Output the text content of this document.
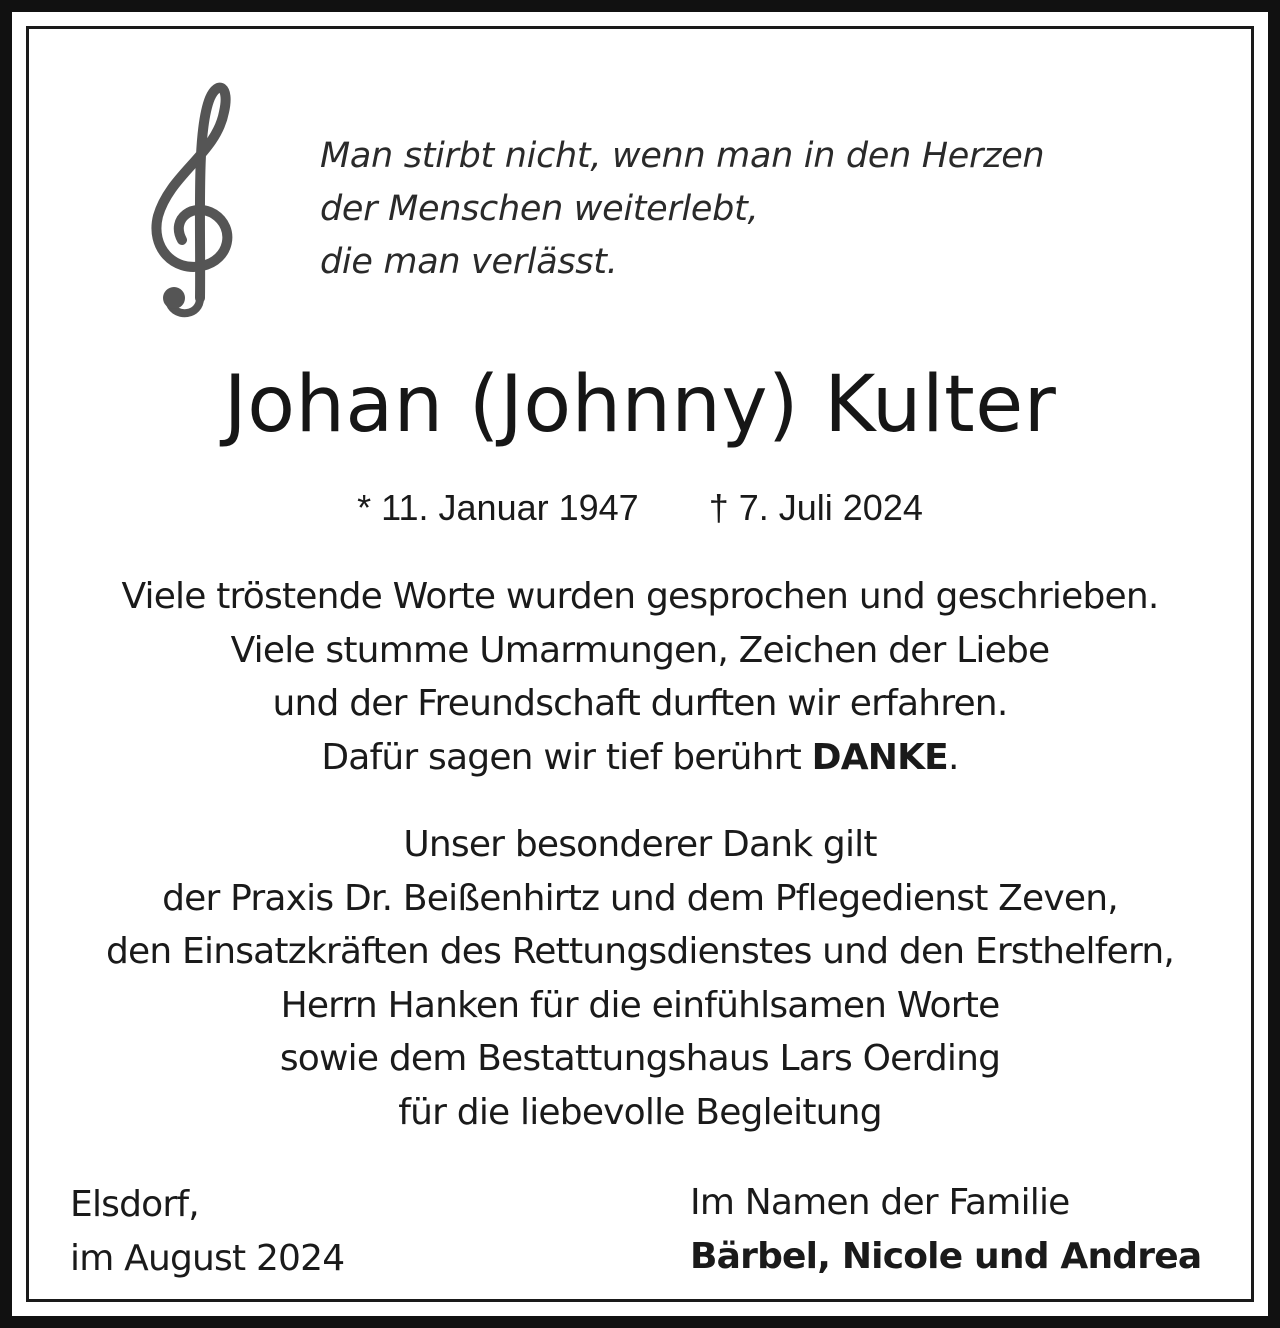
Man stirbt nicht, wenn man in den Herzen
der Menschen weiterlebt,
die man verlässt.
Johan (Johnny) Kulter
* 11. Januar 1947 † 7. Juli 2024
Viele tröstende Worte wurden gesprochen und geschrieben.
Viele stumme Umarmungen, Zeichen der Liebe
und der Freundschaft durften wir erfahren.
Dafür sagen wir tief berührt DANKE.
Unser besonderer Dank gilt
der Praxis Dr. Beißenhirtz und dem Pflegedienst Zeven,
den Einsatzkräften des Rettungsdienstes und den Ersthelfern,
Herrn Hanken für die einfühlsamen Worte
sowie dem Bestattungshaus Lars Oerding
für die liebevolle Begleitung
Elsdorf,
im August 2024
Im Namen der Familie
Bärbel, Nicole und Andrea
